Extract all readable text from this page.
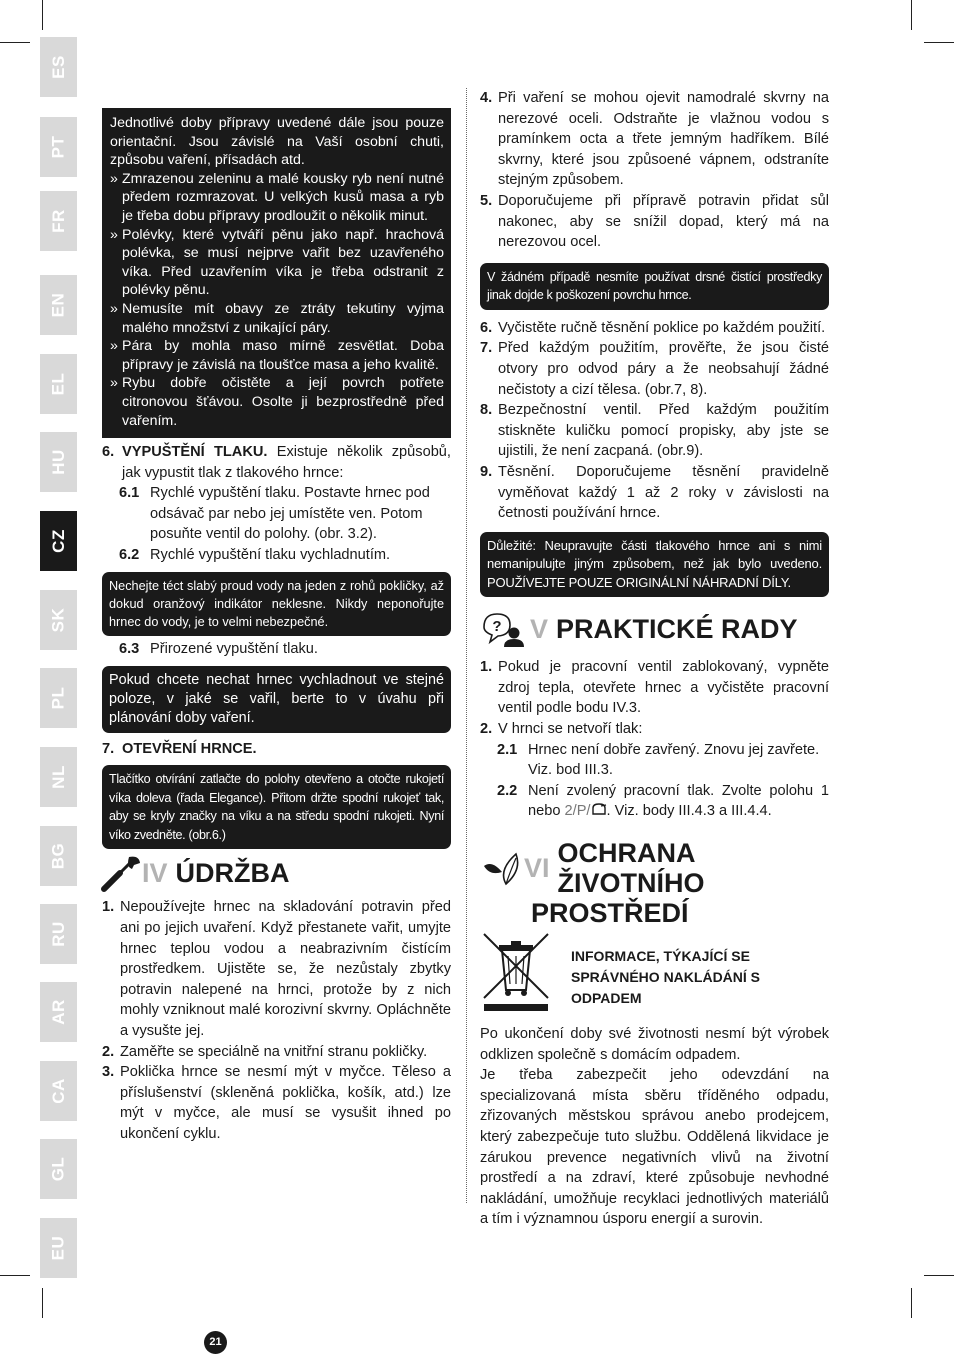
ES
PT
FR
EN
EL
HU
CZ
SK
PL
NL
BG
RU
AR
CA
GL
EU

Jednotlivé doby přípravy uvedené dále jsou pouze orientační. Jsou závislé na Vaší osobní chuti, způsobu vaření, přísadách atd.

» Zmrazenou zeleninu a malé kousky ryb není nutné předem rozmrazovat. U velkých kusů masa a ryb je třeba dobu přípravy prodloužit o několik minut.
» Polévky, které vytváří pěnu jako např. hrachová polévka, se musí nejprve vařit bez uzavřeného víka. Před uzavřením víka je třeba odstranit z polévky pěnu.
» Nemusíte mít obavy ze ztráty tekutiny vyjma malého množství z unikající páry.
» Pára by mohla maso mírně zesvětlat. Doba přípravy je závislá na tloušťce masa a jeho kvalitě.
» Rybu dobře očistěte a její povrch potřete citronovou šťávou. Osolte ji bezprostředně před vařením.
6. VYPUŠTĚNÍ TLAKU. Existuje několik způsobů, jak vypustit tlak z tlakového hrnce:
6.1 Rychlé vypuštění tlaku. Postavte hrnec pod odsávač par nebo jej umístěte ven. Potom posuňte ventil do polohy. (obr. 3.2).
6.2 Rychlé vypuštění tlaku vychladnutím.

Nechejte téct slabý proud vody na jeden z rohů pokličky, až dokud oranžový indikátor neklesne. Nikdy neponořujte hrnec do vody, je to velmi nebezpečné.

6.3 Přirozené vypuštění tlaku.

Pokud chcete nechat hrnec vychladnout ve stejné poloze, v jaké se vařil, berte to v úvahu při plánování doby vaření.

7. OTEVŘENÍ HRNCE.

Tlačítko otvírání zatlačte do polohy otevřeno a otočte rukojetí víka doleva (řada Elegance). Přitom držte spodní rukojeť tak, aby se kryly značky na víku a na středu spodní rukojeti. Nyní víko zvedněte. (obr.6.)

IV ÚDRŽBA
1. Nepoužívejte hrnec na skladování potravin před ani po jejich uvaření. Když přestanete vařit, umyjte hrnec teplou vodou a neabrazivním čistícím prostředkem. Ujistěte se, že nezůstaly zbytky potravin nalepené na hrnci, protože by z nich mohly vzniknout malé korozivní skvrny. Opláchněte a vysušte jej.
2. Zaměřte se speciálně na vnitřní stranu pokličky.
3. Poklička hrnce se nesmí mýt v myčce. Těleso a příslušenství (skleněná poklička, košík, atd.) lze mýt v myčce, ale musí se vysušit ihned po ukončení cyklu.
21
4. Při vaření se mohou ojevit namodralé skvrny na nerezové oceli. Odstraňte je vlažnou vodou s pramínkem octa a třete jemným hadříkem. Bílé skvrny, které jsou způsoené vápnem, odstraníte stejným způsobem.
5. Doporučujeme při přípravě potravin přidat sůl nakonec, aby se snížil dopad, který má na nerezovou ocel.

V žádném případě nesmíte používat drsné čistící prostředky jinak dojde k poškození povrchu hrnce.

6. Vyčistěte ručně těsnění poklice po každém použití.
7. Před každým použitím, prověřte, že jsou čisté otvory pro odvod páry a že neobsahují žádné nečistoty a cizí tělesa. (obr.7, 8).
8. Bezpečnostní ventil. Před každým použitím stiskněte kuličku pomocí propisky, aby jste se ujistili, že není zacpaná. (obr.9).
9. Těsnění. Doporučujeme těsnění pravidelně vyměňovat každý 1 až 2 roky v závislosti na četnosti používání hrnce.

Důležité: Neupravujte části tlakového hrnce ani s nimi nemanipulujte jiným způsobem, než jak bylo uvedeno. POUŽÍVEJTE POUZE ORIGINÁLNÍ NÁHRADNÍ DÍLY.

? V PRAKTICKÉ RADY
1. Pokud je pracovní ventil zablokovaný, vypněte zdroj tepla, otevřete hrnec a vyčistěte pracovní ventil podle bodu IV.3.
2. V hrnci se netvoří tlak:
2.1 Hrnec není dobře zavřený. Znovu jej zavřete. Viz. bod III.3.
2.2 Není zvolený pracovní tlak. Zvolte polohu 1 nebo 2/P/ . Viz. body III.4.3 a III.4.4.
VI OCHRANA ŽIVOTNÍHO
PROSTŘEDÍ
INFORMACE, TÝKAJÍCÍ SE SPRÁVNÉHO NAKLÁDÁNÍ S ODPADEM

Po ukončení doby své životnosti nesmí být výrobek odklizen společně s domácím odpadem.

Je třeba zabezpečit jeho odevzdání na specializovaná místa sběru tříděného odpadu, zřizovaných městskou správou anebo prodejcem, který zabezpečuje tuto službu. Oddělená likvidace je zárukou prevence negativních vlivů na životní prostředí a na zdraví, které způsobuje nevhodné nakládání, umožňuje recyklaci jednotlivých materiálů a tím i významnou úsporu energií a surovin.
